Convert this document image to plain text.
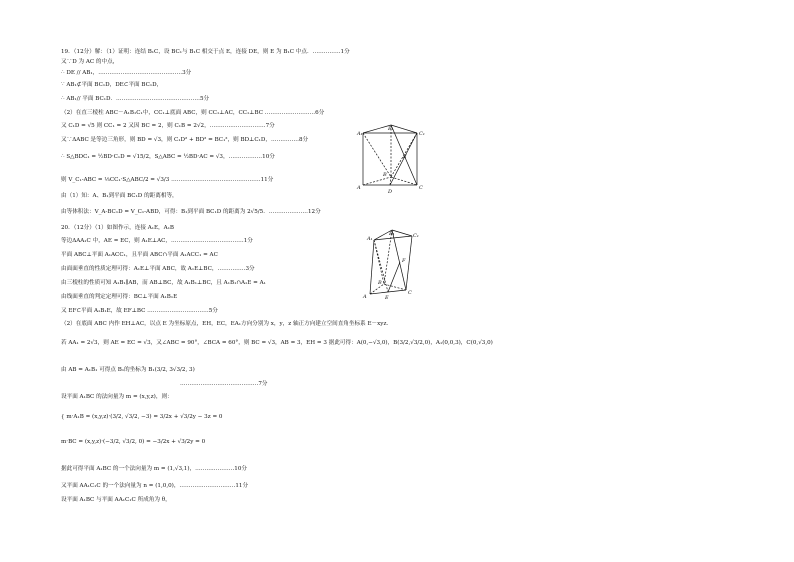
19．（12分）解：（1）证明：连结 B₁C，设 BC₁与 B₁C 相交于点 E，连接 DE，则 E 为 B₁C 中点．……………1分
又∵D 为 AC 的中点，
∴ DE // AB₁，………………………………………3分
∵ AB₁⊄平面 BC₁D，DE⊂平面 BC₁D，
∴ AB₁// 平面 BC₁D．………………………………………5分
（2）在直三棱柱 ABC－A₁B₁C₁中，CC₁⊥底面 ABC，则 CC₁⊥AC，CC₁⊥BC ………………………6分
又 C₁D = √5 则 CC₁ = 2 又因 BC = 2，则 C₁B = 2√2，…………………………7分
又∵ΔABC 是等边三角形，则 BD = √3，则 C₁D² + BD² = BC₁²，则 BD⊥C₁D，……………8分
∴ S△BDC₁ = ½BD·C₁D = √15/2，S△ABC = ½BD·AC = √3，………………10分
则 V_C₁-ABC = ⅓CC₁·S△ABC/2 = √3/3 …………………………………………11分
由（1）知：A、B₁到平面 BC₁D 的距离相等，
由等体积法：V_A-BC₁D = V_C₁-ABD，可得：B₁到平面 BC₁D 的距离为 2√5/5．…………………12分
20．（12分）（1）如图作示，连接 A₁E，A₁B
等边ΔAA₁C 中，AE = EC，则 A₁E⊥AC，…………………………………1分
平面 ABC⊥平面 A₁ACC₁，且平面 ABC∩平面 A₁ACC₁ = AC
由面面垂直的性质定理可得：A₁E⊥平面 ABC，故 A₁E⊥BC，……………3分
由三棱柱的性质可知 A₁B₁∥AB，而 AB⊥BC，故 A₁B₁⊥BC，且 A₁B₁∩A₁E = A₁
由线面垂直的判定定理可得：BC⊥平面 A₁B₁E
又 EF⊂平面 A₁B₁E，故 EF⊥BC ……………………………5分
（2）在底面 ABC 内作 EH⊥AC，以点 E 为坐标原点，EH，EC，EA₁方向分别为 x，y，z 轴正方向建立空间直角坐标系 E－xyz．
若 AA₁ = 2√3，则 AE = EC = √3，又∠ABC = 90°，∠BCA = 60°，则 BC = √3，AB = 3，EH = 3 据此可得：A(0,−√3,0)，B(3/2,√3/2,0)，A₁(0,0,3)，C(0,√3,0)
由 AB = A₁B₁ 可得点 B₁的坐标为 B₁(3/2, 3√3/2, 3)
……………………………………7分
设平面 A₁BC 的法向量为 m = (x,y,z)，则：
{ m·A₁B = (x,y,z)·(3/2, √3/2, −3) = 3/2x + √3/2y − 3z = 0
m·BC = (x,y,z)·(−3/2, √3/2, 0) = −3/2x + √3/2y = 0
据此可得平面 A₁BC 的一个法向量为 m = (1,√3,1)，…………………10分
又平面 AA₁C₁C 的一个法向量为 n = (1,0,0)，…………………………11分
设平面 A₁BC 与平面 AA₁C₁C 所成角为 θ，
A₁
B₁
C₁
E
A
B
C
D
A₁
B₁	C₁
F
A	E
B
C
